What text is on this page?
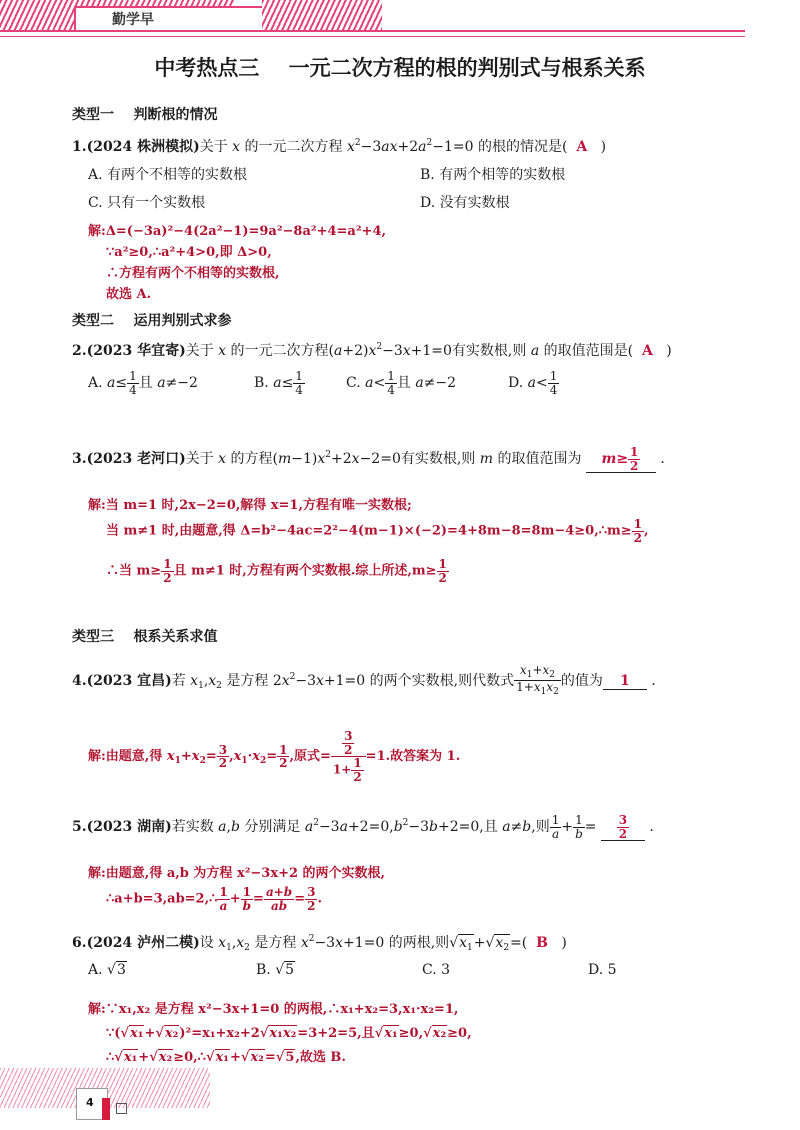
勤学早
中考热点三    一元二次方程的根的判别式与根系关系
类型一    判断根的情况
1.(2024 株洲模拟)关于 x 的一元二次方程 $x^2-3ax+2a^2-1=0$ 的根的情况是( A )
A. 有两个不相等的实数根	B. 有两个相等的实数根
C. 只有一个实数根	D. 没有实数根
解:Δ=(−3a)²−4(2a²−1)=9a²−8a²+4=a²+4,
∵a²≥0,∴a²+4>0,即 Δ>0,
∴方程有两个不相等的实数根,
故选 A.
类型二    运用判别式求参
2.(2023 华宜寄)关于 x 的一元二次方程$(a+2)x^2-3x+1=0$有实数根,则 a 的取值范围是( A )
A. $a\le \frac{1}{4}$ 且 a≠−2	B. $a\le \frac{1}{4}$	C. $a< \frac{1}{4}$ 且 a≠−2	D. $a< \frac{1}{4}$
3.(2023 老河口)关于 x 的方程$(m-1)x^2+2x-2=0$有实数根,则 m 的取值范围为 $m\ge \frac{1}{2}$ .
解:当 m=1 时,2x−2=0,解得 x=1,方程有唯一实数根;
当 m≠1 时,由题意,得 Δ=b²−4ac=2²−4(m−1)×(−2)=4+8m−8=8m−4≥0,∴m≥ $\frac{1}{2}$ ,
∴当 $m\ge \frac{1}{2}$ 且 m≠1 时,方程有两个实数根.综上所述$,m\ge \frac{1}{2}$
类型三    根系关系求值
4.(2023 宜昌)若 $x_1,x_2$ 是方程 $2x^2-3x+1=0$ 的两个实数根,则代数式 $\frac{x_1+x_2}{1+x_1x_2}$ 的值为 1 .
解:由题意,得 $x_1+x_2= \frac{3}{2} ,x_1\cdot x_2= \frac{1}{2}$ ,原式= $\frac{\frac{3}{2}}{1+ \frac{1}{2}} =1$.故答案为 1.
5.(2023 湖南)若实数 a,b 分别满足 $a^2-3a+2=0,b^2-3b+2=0$,且 a≠b,则 $\frac{1}{a} + \frac{1}{b} = \frac{3}{2}$ .
解:由题意,得 a,b 为方程 x²−3x+2 的两个实数根,
∴a+b=3,ab=2,∴ $\frac{1}{a} + \frac{1}{b} = \frac{a+b}{ab} = \frac{3}{2}$ .
6.(2024 泸州二模)设 $x_1,x_2$ 是方程 $x^2-3x+1=0$ 的两根,则$√x_1+√x_2=$( B )
A. √3	B. √5	C. 3	D. 5
解:∵x₁,x₂ 是方程 x²−3x+1=0 的两根,∴x₁+x₂=3,x₁·x₂=1,
∵(√x₁+√x₂)²=x₁+x₂+2√x₁x₂=3+2=5,且√x₁≥0,√x₂≥0,
∴√x₁+√x₂≥0,∴√x₁+√x₂=√5,故选 B.
4
